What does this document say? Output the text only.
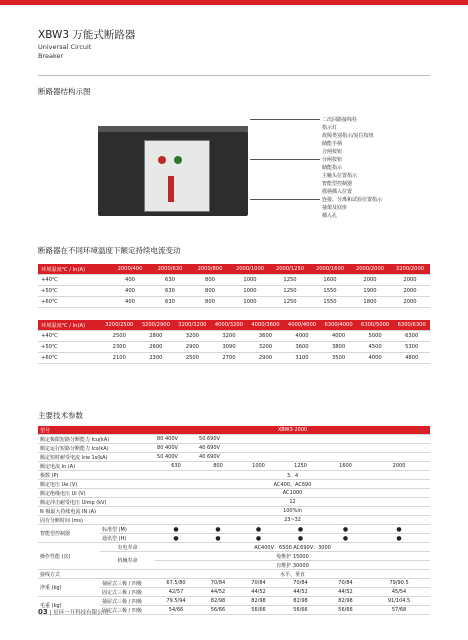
XBW3 万能式断路器
Universal Circuit
Breaker
断路器结构示图
二次回路接线柱
指示灯
故障类别指示/复位按钮
储能手柄
合闸按钮
分闸按钮
储能指示
主触头位置指示
智能型控制器
摇柄插入位置
连接、分离和试验位置指示
抽架及底座
插入孔
断路器在不同环境温度下额定持续电流变动
环境温度℃ / In(A)	2000/400	2000/630	2000/800	2000/1000	2000/1250	2000/1600	2000/2000	3200/2000
+40℃	400	630	800	1000	1250	1600	2000	2000
+50℃	400	630	800	1000	1250	1550	1900	2000
+60℃	400	630	800	1000	1250	1550	1800	2000
环境温度℃ / In(A)	3200/2500	3200/2900	3200/3200	4000/3200	4000/3600	4000/4000	6300/4000	6300/5000	6300/6300
+40℃	2500	2800	3200	3200	3600	4000	4000	5000	6300
+50℃	2300	2600	2900	3090	3200	3600	3800	4500	5300
+60℃	2100	2300	2500	2700	2900	3100	3500	4000	4800
主要技术参数
型号		XBW3-2000					
额定极限短路分断能力 Icu(kA)		80 400V	50 690V				
额定运行短路分断能力 Ics(kA)		80 400V	40 690V				
额定短时耐受电流 Icw 1s(kA)		50 400V	40 690V				
额定电流 In (A)		630	800	1000	1250	1600	2000
极数 (P)		3、4					
额定电压 Ue (V)		AC400、AC690					
额定绝缘电压 Ui (V)		AC1000					
额定冲击耐受电压 Uimp (kV)		12					
N 极最大持续电流 IN (A)		100%In					
固有分断时间 (ms)		23~32					
智能型控制器	标准型 (M)	●	●	●	●	●	●
	通讯型 (H)	●	●	●	●	●	●
操作性能 (次)	有电寿命	AC400V：6500 AC690V：3000					
	机械寿命	免维护 15000					
		有维护 30000					
接线方式		水平、垂直					
净重 (kg)	抽屉式三极 / 四极	67.5/80	70/84	70/84	70/84	70/84	79/90.5
	固定式三极 / 四极	42/57	44/52	44/52	44/52	44/52	45/54
毛重 (kg)	抽屉式三极 / 四极	79.5/94	82/98	82/98	82/98	82/98	91/104.5
	固定式三极 / 四极	54/66	56/66	56/66	56/66	56/66	57/68
03 | 星环一开科技有限公司
